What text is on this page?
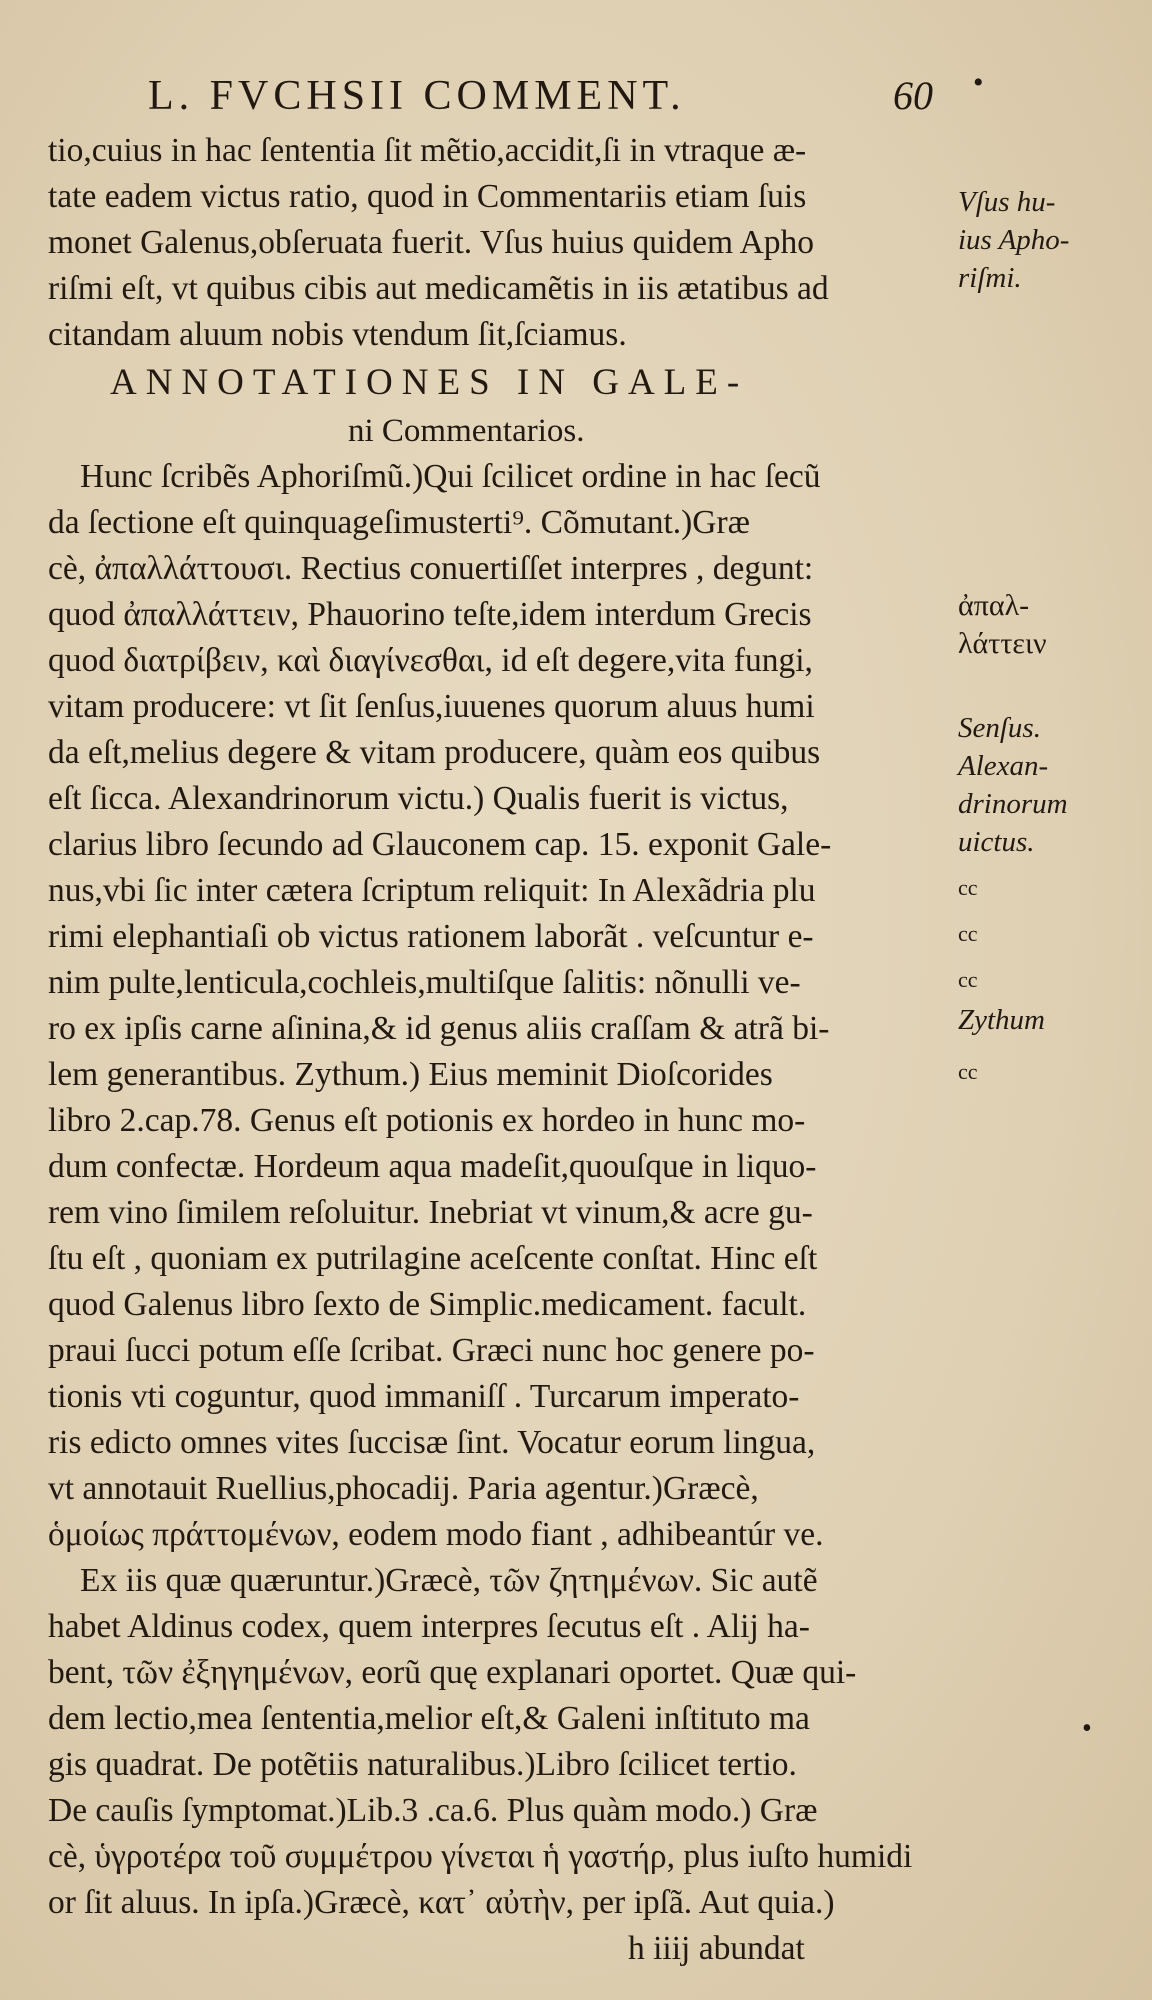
L. FVCHSII COMMENT.	60 •
tio,cuius in hac ſententia ſit mẽtio,accidit,ſi in vtraque æ-
tate eadem victus ratio, quod in Commentariis etiam ſuis
monet Galenus,obſeruata fuerit. Vſus huius quidem Apho
riſmi eſt, vt quibus cibis aut medicamẽtis in iis ætatibus ad
citandam aluum nobis vtendum ſit,ſciamus.
ANNOTATIONES IN GALE-
ni Commentarios.
Hunc ſcribẽs Aphoriſmũ.)Qui ſcilicet ordine in hac ſecũ
da ſectione eſt quinquageſimusterti⁹. Cõmutant.)Græ
cè, ἀπαλλάττουσι. Rectius conuertiſſet interpres , degunt:
quod ἀπαλλάττειν, Phauorino teſte,idem interdum Grecis
quod διατρίβειν, καὶ διαγίνεσθαι, id eſt degere,vita fungi,
vitam producere: vt ſit ſenſus,iuuenes quorum aluus humi
da eſt,melius degere & vitam producere, quàm eos quibus
eſt ſicca. Alexandrinorum victu.) Qualis fuerit is victus,
clarius libro ſecundo ad Glauconem cap. 15. exponit Gale-
nus,vbi ſic inter cætera ſcriptum reliquit: In Alexãdria plu
rimi elephantiaſi ob victus rationem laborãt . veſcuntur e-
nim pulte,lenticula,cochleis,multiſque ſalitis: nõnulli ve-
ro ex ipſis carne aſinina,& id genus aliis craſſam & atrã bi-
lem generantibus. Zythum.) Eius meminit Dioſcorides
libro 2.cap.78. Genus eſt potionis ex hordeo in hunc mo-
dum confectæ. Hordeum aqua madeſit,quouſque in liquo-
rem vino ſimilem reſoluitur. Inebriat vt vinum,& acre gu-
ſtu eſt , quoniam ex putrilagine aceſcente conſtat. Hinc eſt
quod Galenus libro ſexto de Simplic.medicament. facult.
praui ſucci potum eſſe ſcribat. Græci nunc hoc genere po-
tionis vti coguntur, quod immaniſſ . Turcarum imperato-
ris edicto omnes vites ſuccisæ ſint. Vocatur eorum lingua,
vt annotauit Ruellius,phocadij. Paria agentur.)Græcè,
ὁμοίως πράττομένων, eodem modo fiant , adhibeantúr ve.
Ex iis quæ quæruntur.)Græcè, τῶν ζητημένων. Sic autẽ
habet Aldinus codex, quem interpres ſecutus eſt . Alij ha-
bent, τῶν ἐξηγημένων, eorũ quę explanari oportet. Quæ qui-
dem lectio,mea ſententia,melior eſt,& Galeni inſtituto ma
gis quadrat. De potẽtiis naturalibus.)Libro ſcilicet tertio.
De cauſis ſymptomat.)Lib.3 .ca.6. Plus quàm modo.) Græ
cè, ὑγροτέρα τοῦ συμμέτρου γίνεται ἡ γαστήρ, plus iuſto humidi
or ſit aluus. In ipſa.)Græcè, κατ᾿ αὐτὴν, per ipſã. Aut quia.)
h iiij abundat
Vſus hu-
ius Apho-
riſmi.
ἀπαλ-
λάττειν
Senſus.
Alexan-
drinorum
uictus.
cc
cc
cc
Zythum
cc
•
